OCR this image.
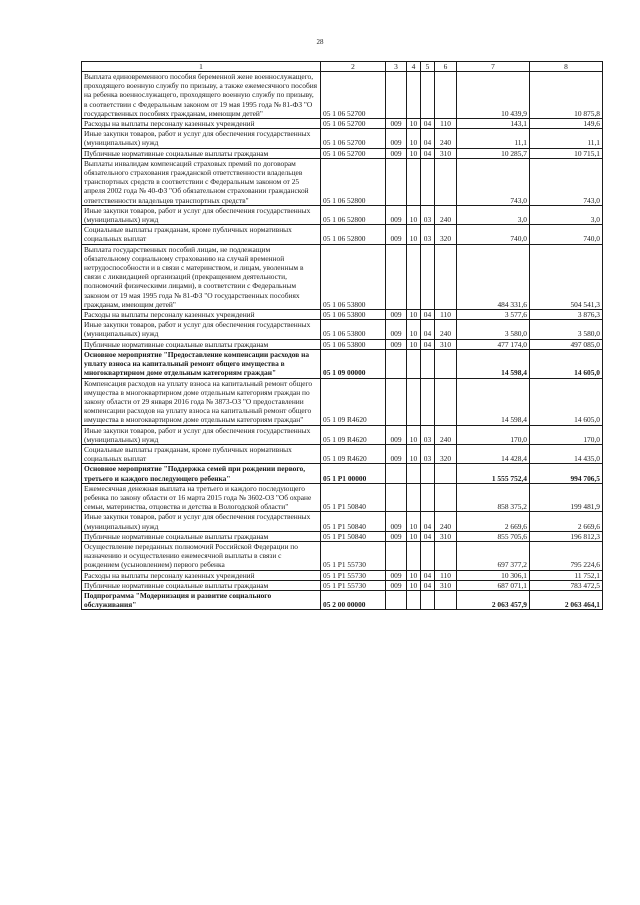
28
1	2	3	4	5	6	7	8
Выплата единовременного пособия беременной жене военнослужащего, проходящего военную службу по призыву, а также ежемесячного пособия на ребенка военнослужащего, проходящего военную службу по призыву, в соответствии с Федеральным законом от 19 мая 1995 года № 81-ФЗ "О государственных пособиях гражданам, имеющим детей"	05 1 06 52700					10 439,9	10 875,8
Расходы на выплаты персоналу казенных учреждений	05 1 06 52700	009	10	04	110	143,1	149,6
Иные закупки товаров, работ и услуг для обеспечения государственных (муниципальных) нужд	05 1 06 52700	009	10	04	240	11,1	11,1
Публичные нормативные социальные выплаты гражданам	05 1 06 52700	009	10	04	310	10 285,7	10 715,1
Выплаты инвалидам компенсаций страховых премий по договорам обязательного страхования гражданской ответственности владельцев транспортных средств в соответствии с Федеральным законом от 25 апреля 2002 года № 40-ФЗ "Об обязательном страховании гражданской ответственности владельцев транспортных средств"	05 1 06 52800					743,0	743,0
Иные закупки товаров, работ и услуг для обеспечения государственных (муниципальных) нужд	05 1 06 52800	009	10	03	240	3,0	3,0
Социальные выплаты гражданам, кроме публичных нормативных социальных выплат	05 1 06 52800	009	10	03	320	740,0	740,0
Выплата государственных пособий лицам, не подлежащим обязательному социальному страхованию на случай временной нетрудоспособности и в связи с материнством, и лицам, уволенным в связи с ликвидацией организаций (прекращением деятельности, полномочий физическими лицами), в соответствии с Федеральным законом от 19 мая 1995 года № 81-ФЗ "О государственных пособиях гражданам, имеющим детей"	05 1 06 53800					484 331,6	504 541,3
Расходы на выплаты персоналу казенных учреждений	05 1 06 53800	009	10	04	110	3 577,6	3 876,3
Иные закупки товаров, работ и услуг для обеспечения государственных (муниципальных) нужд	05 1 06 53800	009	10	04	240	3 580,0	3 580,0
Публичные нормативные социальные выплаты гражданам	05 1 06 53800	009	10	04	310	477 174,0	497 085,0
Основное мероприятие "Предоставление компенсации расходов на уплату взноса на капитальный ремонт общего имущества в многоквартирном доме отдельным категориям граждан"	05 1 09 00000					14 598,4	14 605,0
Компенсация расходов на уплату взноса на капитальный ремонт общего имущества в многоквартирном доме отдельным категориям граждан по закону области от 29 января 2016 года № 3873-ОЗ "О предоставлении компенсации расходов на уплату взноса на капитальный ремонт общего имущества в многоквартирном доме отдельным категориям граждан"	05 1 09 R4620					14 598,4	14 605,0
Иные закупки товаров, работ и услуг для обеспечения государственных (муниципальных) нужд	05 1 09 R4620	009	10	03	240	170,0	170,0
Социальные выплаты гражданам, кроме публичных нормативных социальных выплат	05 1 09 R4620	009	10	03	320	14 428,4	14 435,0
Основное мероприятие "Поддержка семей при рождении первого, третьего и каждого последующего ребенка"	05 1 P1 00000					1 555 752,4	994 706,5
Ежемесячная денежная выплата на третьего и каждого последующего ребенка по закону области от 16 марта 2015 года № 3602-ОЗ "Об охране семьи, материнства, отцовства и детства в Вологодской области"	05 1 P1 50840					858 375,2	199 481,9
Иные закупки товаров, работ и услуг для обеспечения государственных (муниципальных) нужд	05 1 P1 50840	009	10	04	240	2 669,6	2 669,6
Публичные нормативные социальные выплаты гражданам	05 1 P1 50840	009	10	04	310	855 705,6	196 812,3
Осуществление переданных полномочий Российской Федерации по назначению и осуществлению ежемесячной выплаты в связи с рождением (усыновлением) первого ребенка	05 1 P1 55730					697 377,2	795 224,6
Расходы на выплаты персоналу казенных учреждений	05 1 P1 55730	009	10	04	110	10 306,1	11 752,1
Публичные нормативные социальные выплаты гражданам	05 1 P1 55730	009	10	04	310	687 071,1	783 472,5
Подпрограмма "Модернизация и развитие социального обслуживания"	05 2 00 00000					2 063 457,9	2 063 464,1
